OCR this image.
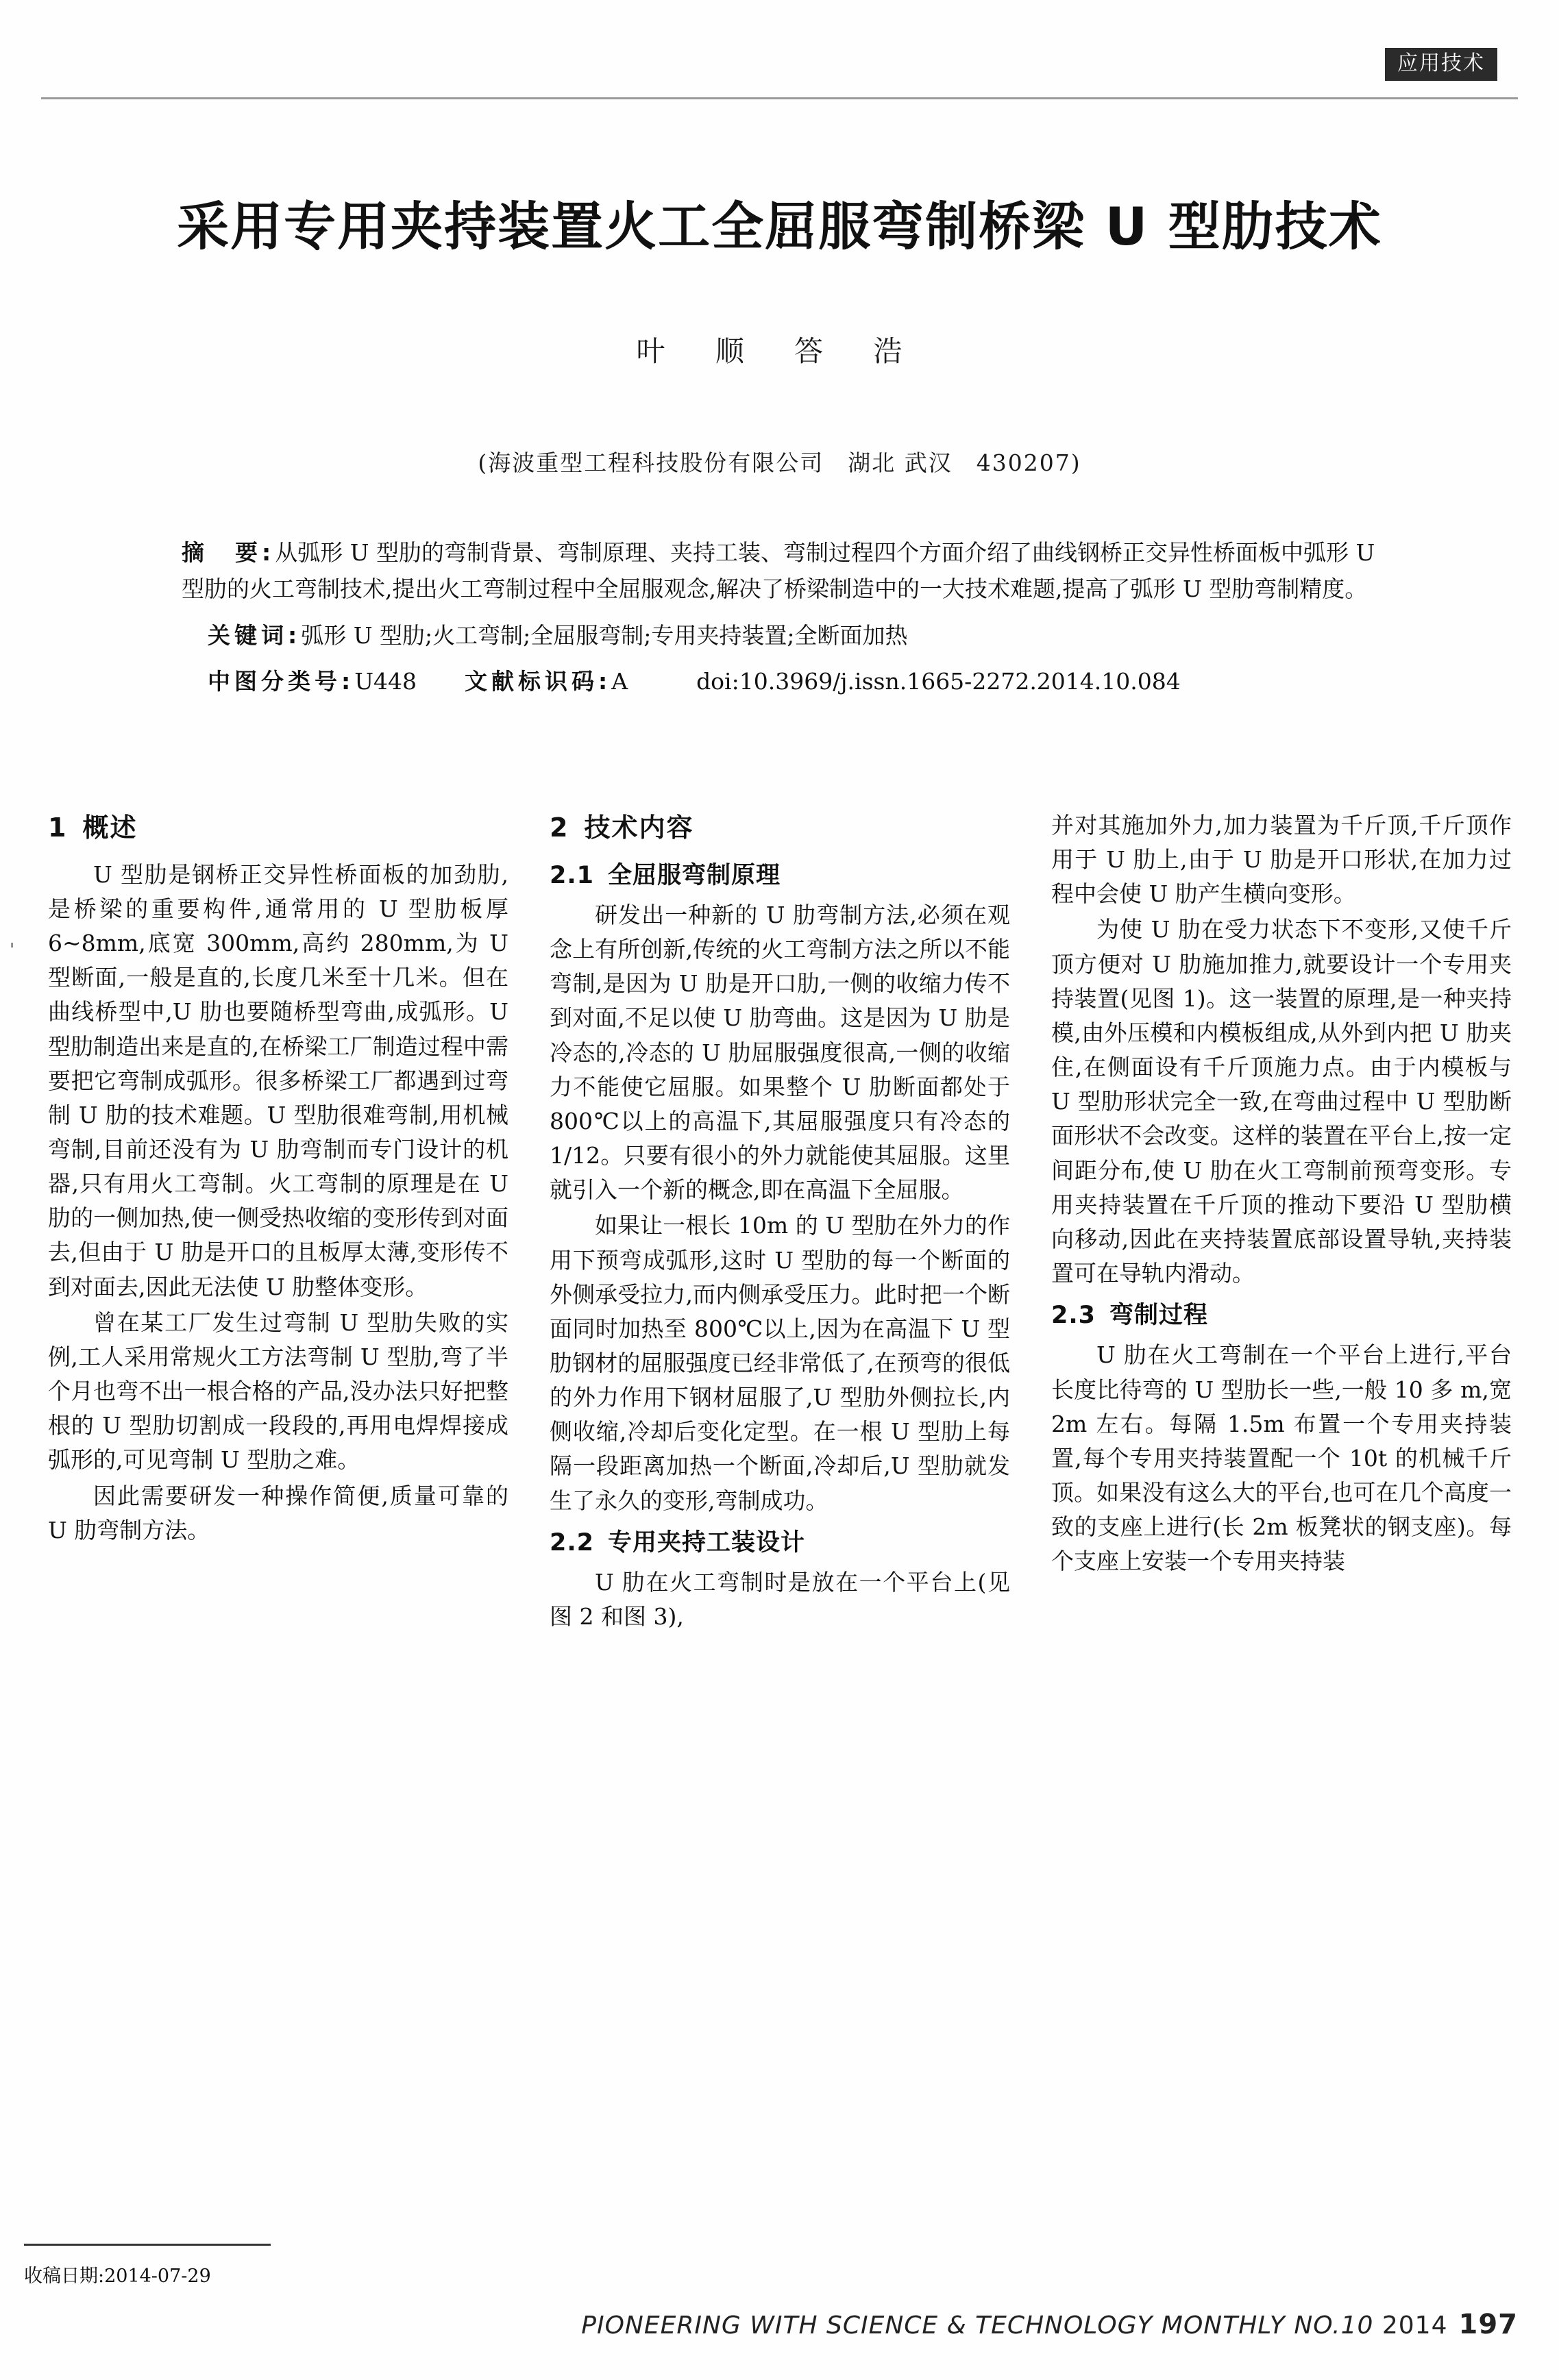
应用技术
采用专用夹持装置火工全屈服弯制桥梁 U 型肋技术
叶 顺 答 浩
(海波重型工程科技股份有限公司　湖北 武汉　430207)
摘　要:从弧形 U 型肋的弯制背景、弯制原理、夹持工装、弯制过程四个方面介绍了曲线钢桥正交异性桥面板中弧形 U 型肋的火工弯制技术,提出火工弯制过程中全屈服观念,解决了桥梁制造中的一大技术难题,提高了弧形 U 型肋弯制精度。
关键词:弧形 U 型肋;火工弯制;全屈服弯制;专用夹持装置;全断面加热
中图分类号:U448 文献标识码:A	doi:10.3969/j.issn.1665-2272.2014.10.084
'
1 概述

U 型肋是钢桥正交异性桥面板的加劲肋,是桥梁的重要构件,通常用的 U 型肋板厚 6~8mm,底宽 300mm,高约 280mm,为 U 型断面,一般是直的,长度几米至十几米。但在曲线桥型中,U 肋也要随桥型弯曲,成弧形。U 型肋制造出来是直的,在桥梁工厂制造过程中需要把它弯制成弧形。很多桥梁工厂都遇到过弯制 U 肋的技术难题。U 型肋很难弯制,用机械弯制,目前还没有为 U 肋弯制而专门设计的机器,只有用火工弯制。火工弯制的原理是在 U 肋的一侧加热,使一侧受热收缩的变形传到对面去,但由于 U 肋是开口的且板厚太薄,变形传不到对面去,因此无法使 U 肋整体变形。

曾在某工厂发生过弯制 U 型肋失败的实例,工人采用常规火工方法弯制 U 型肋,弯了半个月也弯不出一根合格的产品,没办法只好把整根的 U 型肋切割成一段段的,再用电焊焊接成弧形的,可见弯制 U 型肋之难。

因此需要研发一种操作简便,质量可靠的 U 肋弯制方法。

2 技术内容
2.1 全屈服弯制原理

研发出一种新的 U 肋弯制方法,必须在观念上有所创新,传统的火工弯制方法之所以不能弯制,是因为 U 肋是开口肋,一侧的收缩力传不到对面,不足以使 U 肋弯曲。这是因为 U 肋是冷态的,冷态的 U 肋屈服强度很高,一侧的收缩力不能使它屈服。如果整个 U 肋断面都处于 800℃以上的高温下,其屈服强度只有冷态的 1/12。只要有很小的外力就能使其屈服。这里就引入一个新的概念,即在高温下全屈服。

如果让一根长 10m 的 U 型肋在外力的作用下预弯成弧形,这时 U 型肋的每一个断面的外侧承受拉力,而内侧承受压力。此时把一个断面同时加热至 800℃以上,因为在高温下 U 型肋钢材的屈服强度已经非常低了,在预弯的很低的外力作用下钢材屈服了,U 型肋外侧拉长,内侧收缩,冷却后变化定型。在一根 U 型肋上每隔一段距离加热一个断面,冷却后,U 型肋就发生了永久的变形,弯制成功。

2.2 专用夹持工装设计

U 肋在火工弯制时是放在一个平台上(见图 2 和图 3),

并对其施加外力,加力装置为千斤顶,千斤顶作用于 U 肋上,由于 U 肋是开口形状,在加力过程中会使 U 肋产生横向变形。

为使 U 肋在受力状态下不变形,又使千斤顶方便对 U 肋施加推力,就要设计一个专用夹持装置(见图 1)。这一装置的原理,是一种夹持模,由外压模和内模板组成,从外到内把 U 肋夹住,在侧面设有千斤顶施力点。由于内模板与 U 型肋形状完全一致,在弯曲过程中 U 型肋断面形状不会改变。这样的装置在平台上,按一定间距分布,使 U 肋在火工弯制前预弯变形。专用夹持装置在千斤顶的推动下要沿 U 型肋横向移动,因此在夹持装置底部设置导轨,夹持装置可在导轨内滑动。

2.3 弯制过程

U 肋在火工弯制在一个平台上进行,平台长度比待弯的 U 型肋长一些,一般 10 多 m,宽 2m 左右。每隔 1.5m 布置一个专用夹持装置,每个专用夹持装置配一个 10t 的机械千斤顶。如果没有这么大的平台,也可在几个高度一致的支座上进行(长 2m 板凳状的钢支座)。每个支座上安装一个专用夹持装

收稿日期:2014-07-29
PIONEERING WITH SCIENCE & TECHNOLOGY MONTHLY NO.10 2014 197
